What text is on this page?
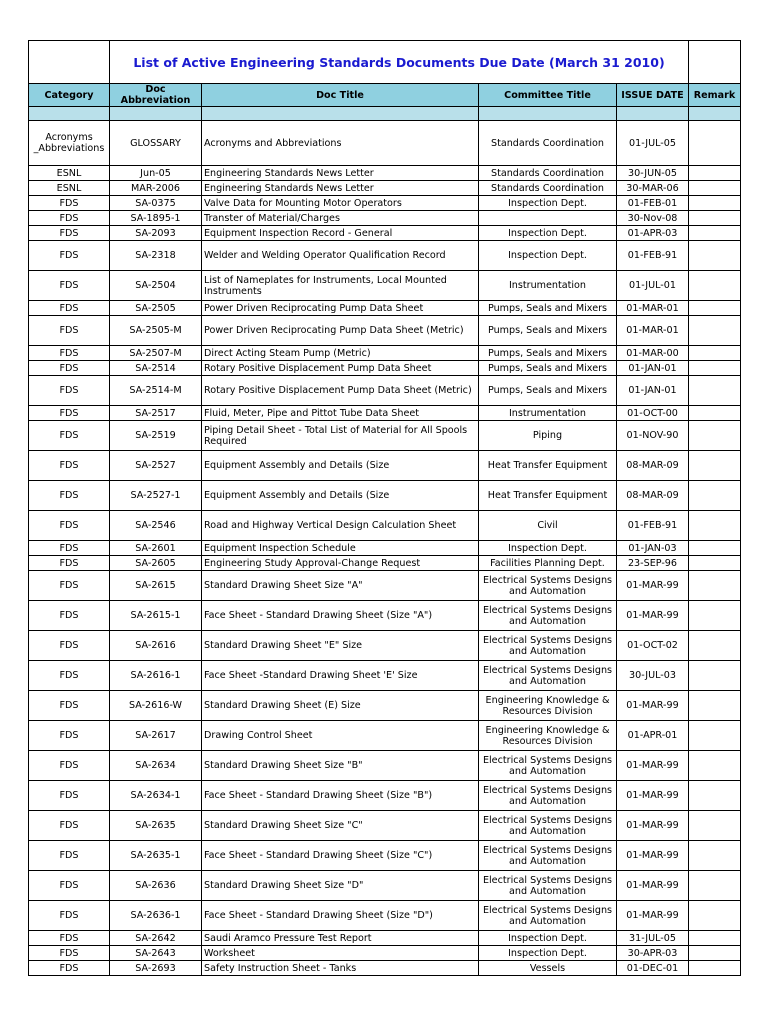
	List of Active Engineering Standards Documents Due Date (March 31 2010)				
Category	Doc Abbreviation	Doc Title	Committee Title	ISSUE DATE	Remark

Acronyms _Abbreviations	GLOSSARY	Acronyms and Abbreviations	Standards Coordination	01-JUL-05	
ESNL	Jun-05	Engineering Standards News Letter	Standards Coordination	30-JUN-05	
ESNL	MAR-2006	Engineering Standards News Letter	Standards Coordination	30-MAR-06	
FDS	SA-0375	Valve Data for Mounting Motor Operators	Inspection Dept.	01-FEB-01	
FDS	SA-1895-1	Transter of Material/Charges		30-Nov-08	
FDS	SA-2093	Equipment Inspection Record - General	Inspection Dept.	01-APR-03	
FDS	SA-2318	Welder and Welding Operator Qualification Record	Inspection Dept.	01-FEB-91	
FDS	SA-2504	List of Nameplates for Instruments, Local Mounted Instruments	Instrumentation	01-JUL-01	
FDS	SA-2505	Power Driven Reciprocating Pump Data Sheet	Pumps, Seals and Mixers	01-MAR-01	
FDS	SA-2505-M	Power Driven Reciprocating Pump Data Sheet (Metric)	Pumps, Seals and Mixers	01-MAR-01	
FDS	SA-2507-M	Direct Acting Steam Pump (Metric)	Pumps, Seals and Mixers	01-MAR-00	
FDS	SA-2514	Rotary Positive Displacement Pump Data Sheet	Pumps, Seals and Mixers	01-JAN-01	
FDS	SA-2514-M	Rotary Positive Displacement Pump Data Sheet (Metric)	Pumps, Seals and Mixers	01-JAN-01	
FDS	SA-2517	Fluid, Meter, Pipe and Pittot Tube Data Sheet	Instrumentation	01-OCT-00	
FDS	SA-2519	Piping Detail Sheet - Total List of Material for All Spools Required	Piping	01-NOV-90	
FDS	SA-2527	Equipment Assembly and Details (Size	Heat Transfer Equipment	08-MAR-09	
FDS	SA-2527-1	Equipment Assembly and Details (Size	Heat Transfer Equipment	08-MAR-09	
FDS	SA-2546	Road and Highway Vertical Design Calculation Sheet	Civil	01-FEB-91	
FDS	SA-2601	Equipment Inspection Schedule	Inspection Dept.	01-JAN-03	
FDS	SA-2605	Engineering Study Approval-Change Request	Facilities Planning Dept.	23-SEP-96	
FDS	SA-2615	Standard Drawing Sheet Size "A"	Electrical Systems Designs and Automation	01-MAR-99	
FDS	SA-2615-1	Face Sheet - Standard Drawing Sheet (Size "A")	Electrical Systems Designs and Automation	01-MAR-99	
FDS	SA-2616	Standard Drawing Sheet "E" Size	Electrical Systems Designs and Automation	01-OCT-02	
FDS	SA-2616-1	Face Sheet -Standard Drawing Sheet 'E' Size	Electrical Systems Designs and Automation	30-JUL-03	
FDS	SA-2616-W	Standard Drawing Sheet (E) Size	Engineering Knowledge & Resources Division	01-MAR-99	
FDS	SA-2617	Drawing Control Sheet	Engineering Knowledge & Resources Division	01-APR-01	
FDS	SA-2634	Standard Drawing Sheet Size "B"	Electrical Systems Designs and Automation	01-MAR-99	
FDS	SA-2634-1	Face Sheet - Standard Drawing Sheet (Size "B")	Electrical Systems Designs and Automation	01-MAR-99	
FDS	SA-2635	Standard Drawing Sheet Size "C"	Electrical Systems Designs and Automation	01-MAR-99	
FDS	SA-2635-1	Face Sheet - Standard Drawing Sheet (Size "C")	Electrical Systems Designs and Automation	01-MAR-99	
FDS	SA-2636	Standard Drawing Sheet Size "D"	Electrical Systems Designs and Automation	01-MAR-99	
FDS	SA-2636-1	Face Sheet - Standard Drawing Sheet (Size "D")	Electrical Systems Designs and Automation	01-MAR-99	
FDS	SA-2642	Saudi Aramco Pressure Test Report	Inspection Dept.	31-JUL-05	
FDS	SA-2643	Worksheet	Inspection Dept.	30-APR-03	
FDS	SA-2693	Safety Instruction Sheet - Tanks	Vessels	01-DEC-01	
